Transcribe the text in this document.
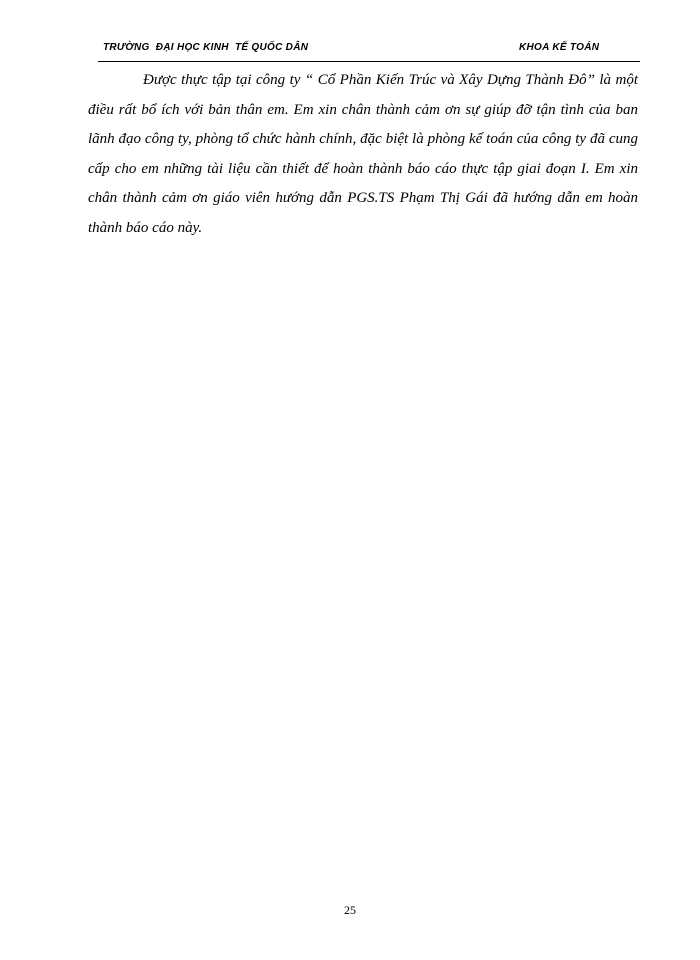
TRƯỜNG  ĐẠI HỌC KINH  TẾ QUỐC DÂN	KHOA KẾ TOÁN

Được thực tập tại công ty “ Cổ Phần Kiến Trúc và Xây Dựng Thành Đô” là một điều rất bổ ích với bản thân em. Em xin chân thành cảm ơn sự giúp đỡ tận tình của ban lãnh đạo công ty, phòng tổ chức hành chính, đặc biệt là phòng kế toán của công ty đã cung cấp cho em những tài liệu cần thiết để hoàn thành báo cáo thực tập giai đoạn I. Em xin chân thành cảm ơn giáo viên hướng dẫn PGS.TS Phạm Thị Gái đã hướng dẫn em hoàn thành báo cáo này.

25
